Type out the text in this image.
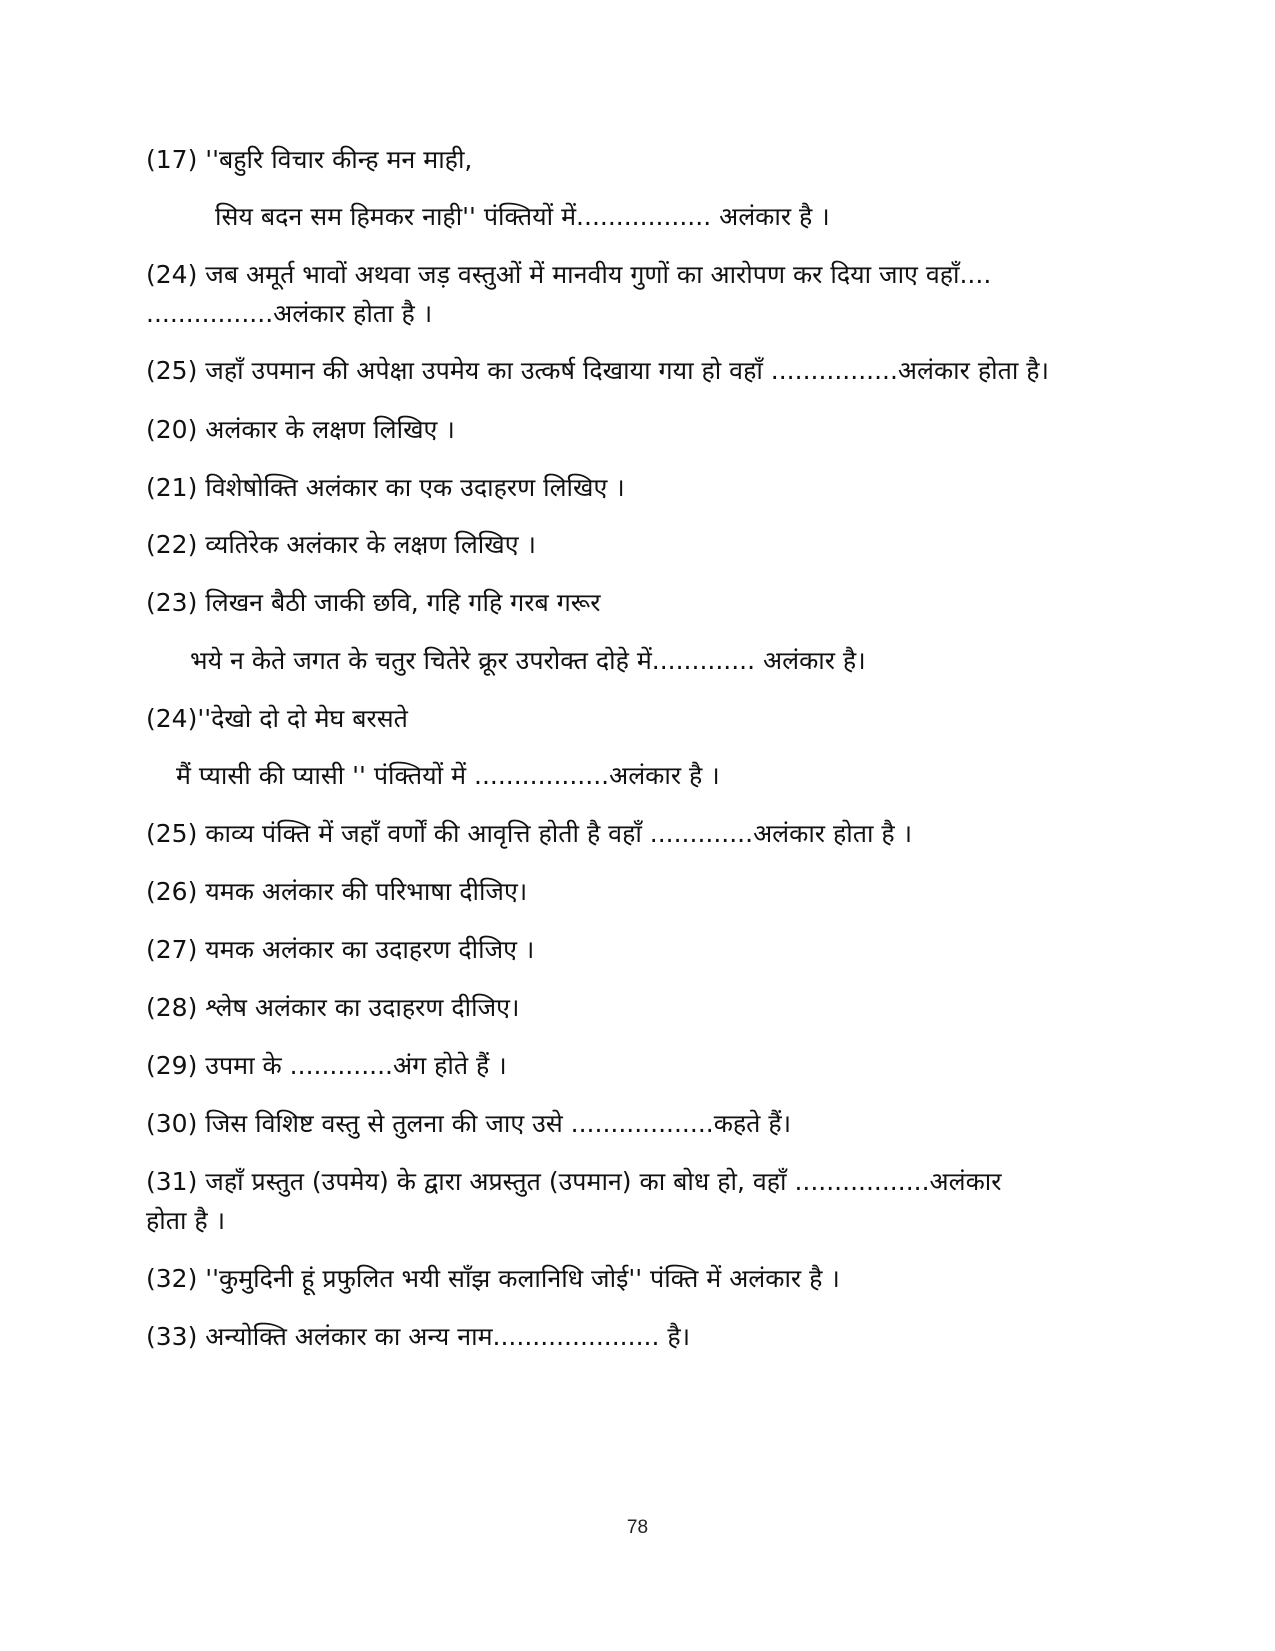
(17) ''बहुरि विचार कीन्ह मन माही,
सिय बदन सम हिमकर नाही'' पंक्तियों में................. अलंकार है ।
(24) जब अमूर्त भावों अथवा जड़ वस्तुओं में मानवीय गुणों का आरोपण कर दिया जाए वहाँ....
................अलंकार होता है ।
(25) जहाँ उपमान की अपेक्षा उपमेय का उत्कर्ष दिखाया गया हो वहाँ ................अलंकार होता है।
(20) अलंकार के लक्षण लिखिए ।
(21) विशेषोक्ति अलंकार का एक उदाहरण लिखिए ।
(22) व्यतिरेक अलंकार के लक्षण लिखिए ।
(23) लिखन बैठी जाकी छवि, गहि गहि गरब गरूर
भये न केते जगत के चतुर चितेरे क्रूर उपरोक्त दोहे में............. अलंकार है।
(24)''देखो दो दो मेघ बरसते
मैं प्यासी की प्यासी '' पंक्तियों में .................अलंकार है ।
(25) काव्य पंक्ति में जहाँ वर्णों की आवृत्ति होती है वहाँ .............अलंकार होता है ।
(26) यमक अलंकार की परिभाषा दीजिए।
(27) यमक अलंकार का उदाहरण दीजिए ।
(28) श्लेष अलंकार का उदाहरण दीजिए।
(29) उपमा के .............अंग होते हैं ।
(30) जिस विशिष्ट वस्तु से तुलना की जाए उसे ..................कहते हैं।
(31) जहाँ प्रस्तुत (उपमेय) के द्वारा अप्रस्तुत (उपमान) का बोध हो, वहाँ .................अलंकार
होता है ।
(32) ''कुमुदिनी हूं प्रफुलित भयी साँझ कलानिधि जोई'' पंक्ति में अलंकार है ।
(33) अन्योक्ति अलंकार का अन्य नाम..................... है।
78
